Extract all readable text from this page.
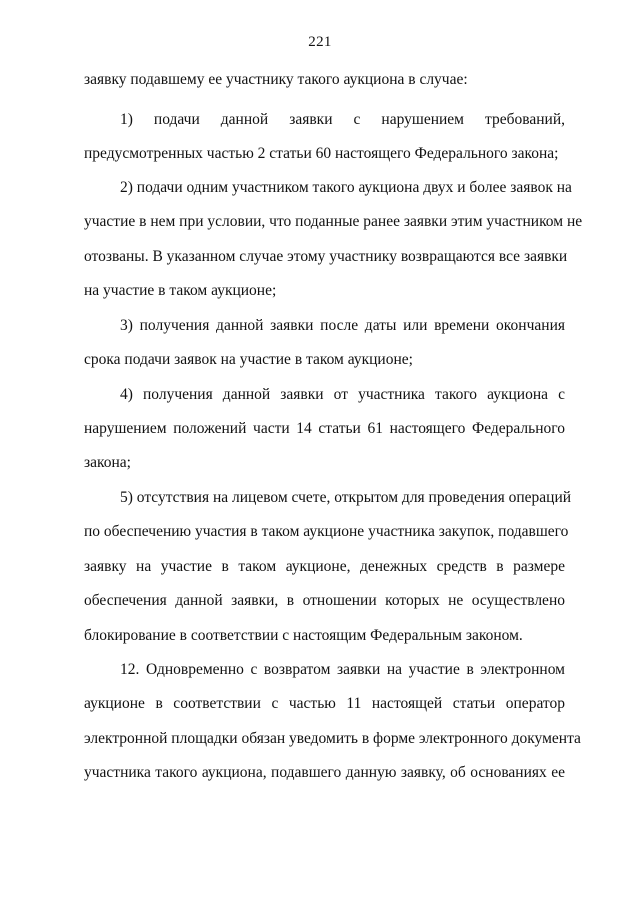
221
заявку подавшему ее участнику такого аукциона в случае:
1)    подачи    данной    заявки    с    нарушением    требований,
предусмотренных частью 2 статьи 60 настоящего Федерального закона;
2) подачи одним участником такого аукциона двух и более заявок на
участие в нем при условии, что поданные ранее заявки этим участником не
отозваны. В указанном случае этому участнику возвращаются все заявки
на участие в таком аукционе;
3) получения данной заявки после даты или времени окончания
срока подачи заявок на участие в таком аукционе;
4) получения данной заявки от участника такого аукциона с
нарушением положений части 14 статьи 61 настоящего Федерального
закона;
5) отсутствия на лицевом счете, открытом для проведения операций
по обеспечению участия в таком аукционе участника закупок, подавшего
заявку на участие в таком аукционе, денежных средств в размере
обеспечения данной заявки, в отношении которых не осуществлено
блокирование в соответствии с настоящим Федеральным законом.
12. Одновременно с возвратом заявки на участие в электронном
аукционе в соответствии с частью 11 настоящей статьи оператор
электронной площадки обязан уведомить в форме электронного документа
участника такого аукциона, подавшего данную заявку, об основаниях ее
